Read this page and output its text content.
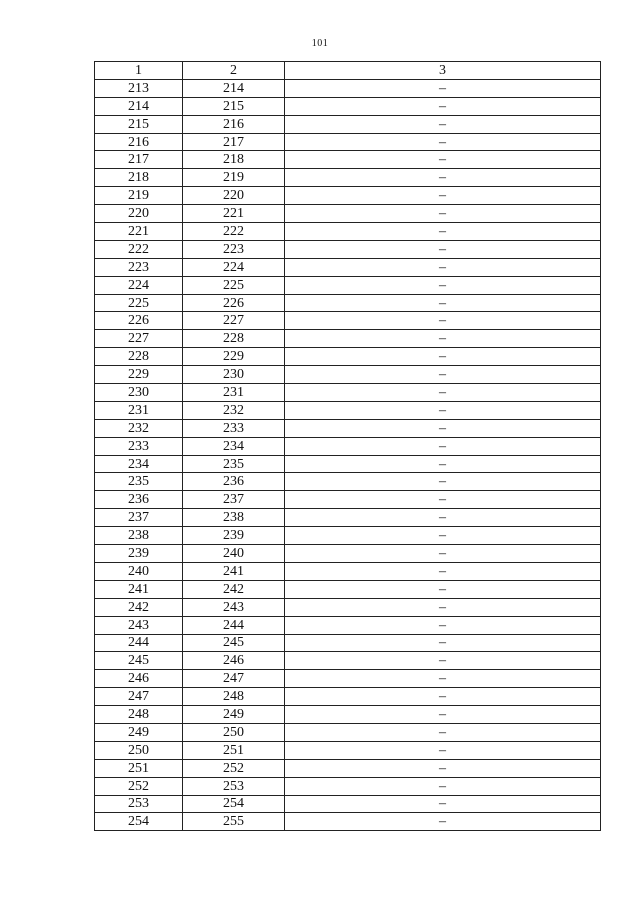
101
1	2	3
213	214	–
214	215	–
215	216	–
216	217	–
217	218	–
218	219	–
219	220	–
220	221	–
221	222	–
222	223	–
223	224	–
224	225	–
225	226	–
226	227	–
227	228	–
228	229	–
229	230	–
230	231	–
231	232	–
232	233	–
233	234	–
234	235	–
235	236	–
236	237	–
237	238	–
238	239	–
239	240	–
240	241	–
241	242	–
242	243	–
243	244	–
244	245	–
245	246	–
246	247	–
247	248	–
248	249	–
249	250	–
250	251	–
251	252	–
252	253	–
253	254	–
254	255	–
